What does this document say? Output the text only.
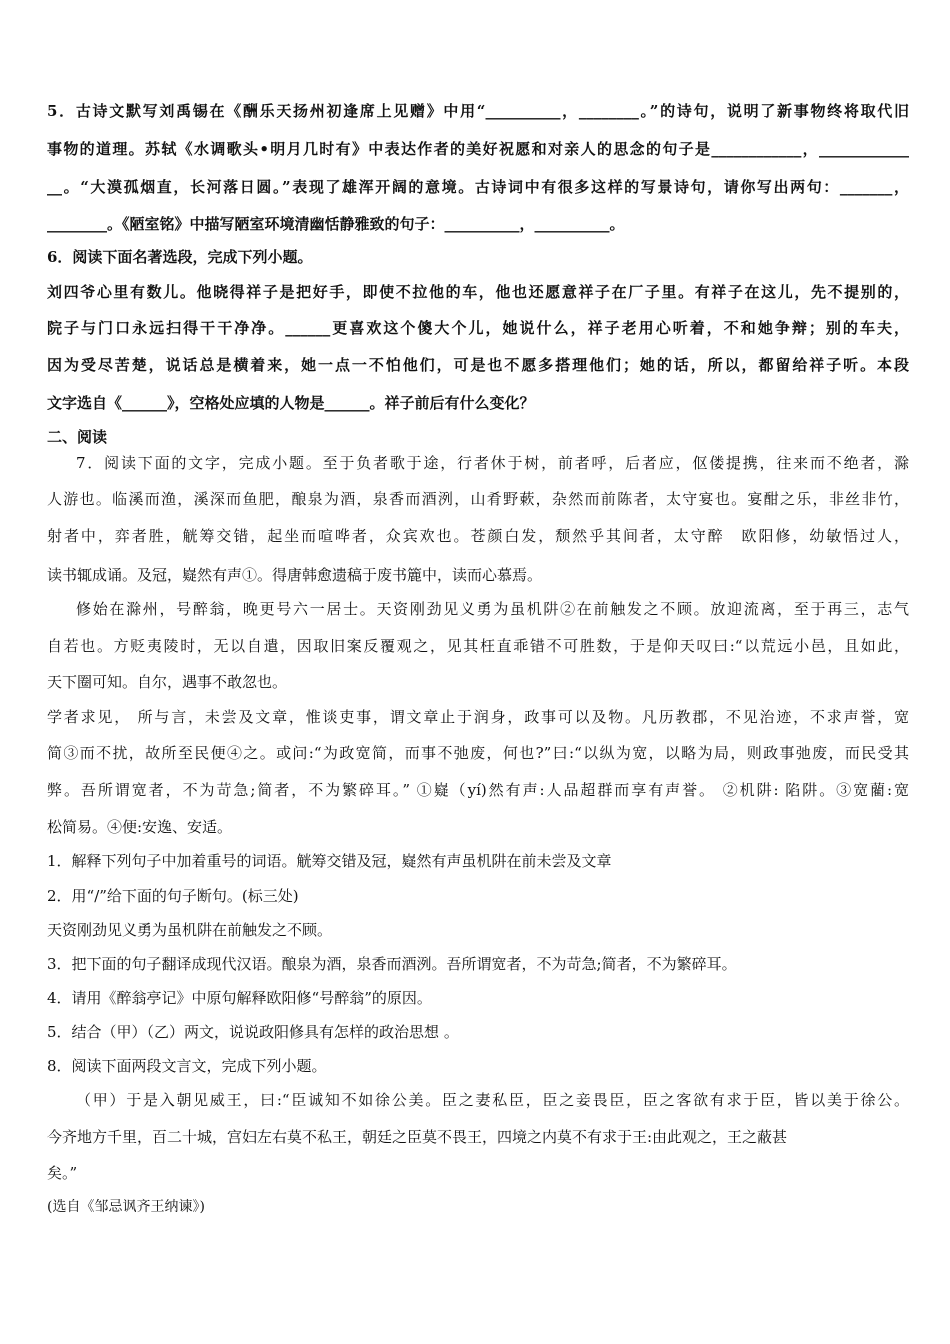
5．古诗文默写刘禹锡在《酬乐天扬州初逢席上见赠》中用“__________，________。”的诗句，说明了新事物终将取代旧
事物的道理。苏轼《水调歌头•明月几时有》中表达作者的美好祝愿和对亲人的思念的句子是____________，____________
__。“大漠孤烟直，长河落日圆。”表现了雄浑开阔的意境。古诗词中有很多这样的写景诗句，请你写出两句：_______，
________。《陋室铭》中描写陋室环境清幽恬静雅致的句子：__________，__________。
6．阅读下面名著选段，完成下列小题。
刘四爷心里有数儿。他晓得祥子是把好手，即使不拉他的车，他也还愿意祥子在厂子里。有祥子在这儿，先不提别的，
院子与门口永远扫得干干净净。______更喜欢这个傻大个儿，她说什么，祥子老用心听着，不和她争辩；别的车夫，
因为受尽苦楚，说话总是横着来，她一点一不怕他们，可是也不愿多搭理他们；她的话，所以，都留给祥子听。本段
文字选自《______》，空格处应填的人物是______。祥子前后有什么变化？
二、阅读
7．阅读下面的文字，完成小题。至于负者歌于途，行者休于树，前者呼，后者应，伛偻提携，往来而不绝者，滁
人游也。临溪而渔，溪深而鱼肥，酿泉为酒，泉香而酒洌，山肴野蔌，杂然而前陈者，太守宴也。宴酣之乐，非丝非竹，
射者中，弈者胜，觥筹交错，起坐而喧哗者，众宾欢也。苍颜白发，颓然乎其间者，太守醉　欧阳修，幼敏悟过人，
读书辄成诵。及冠，嶷然有声①。得唐韩愈遗稿于废书簏中，读而心慕焉。
修始在滁州，号醉翁，晚更号六一居士。天资刚劲见义勇为虽机阱②在前触发之不顾。放迎流离，至于再三，志气
自若也。方贬夷陵时，无以自遣，因取旧案反覆观之，见其枉直乖错不可胜数，于是仰天叹曰:“以荒远小邑，且如此，
天下圈可知。自尔，遇事不敢忽也。
学者求见， 所与言，未尝及文章，惟谈吏事，谓文章止于润身，政事可以及物。凡历教郡，不见治迹，不求声誉，宽
简③而不扰，故所至民便④之。或问:“为政宽简，而事不弛废，何也?”曰:“以纵为宽，以略为局，则政事弛废，而民受其
弊。吾所谓宽者，不为苛急;简者，不为繁碎耳。” ①嶷（yí)然有声:人品超群而享有声誉。 ②机阱: 陷阱。③宽藺:宽
松简易。④便:安逸、安适。
1．解释下列句子中加着重号的词语。觥筹交错及冠，嶷然有声虽机阱在前未尝及文章
2．用“/”给下面的句子断句。(标三处)
天资刚劲见义勇为虽机阱在前触发之不顾。
3．把下面的句子翻译成现代汉语。酿泉为酒，泉香而酒洌。吾所谓宽者，不为苛急;简者，不为繁碎耳。
4．请用《醉翁亭记》中原句解释欧阳修“号醉翁”的原因。
5．结合（甲）（乙）两文，说说政阳修具有怎样的政治思想 。
8．阅读下面两段文言文，完成下列小题。
（甲）于是入朝见威王，曰:“臣诚知不如徐公美。臣之妻私臣，臣之妾畏臣，臣之客欲有求于臣，皆以美于徐公。
今齐地方千里，百二十城，宫妇左右莫不私王，朝廷之臣莫不畏王，四境之内莫不有求于王:由此观之，王之蔽甚
矣。”
(选自《邹忌讽齐王纳谏》)
